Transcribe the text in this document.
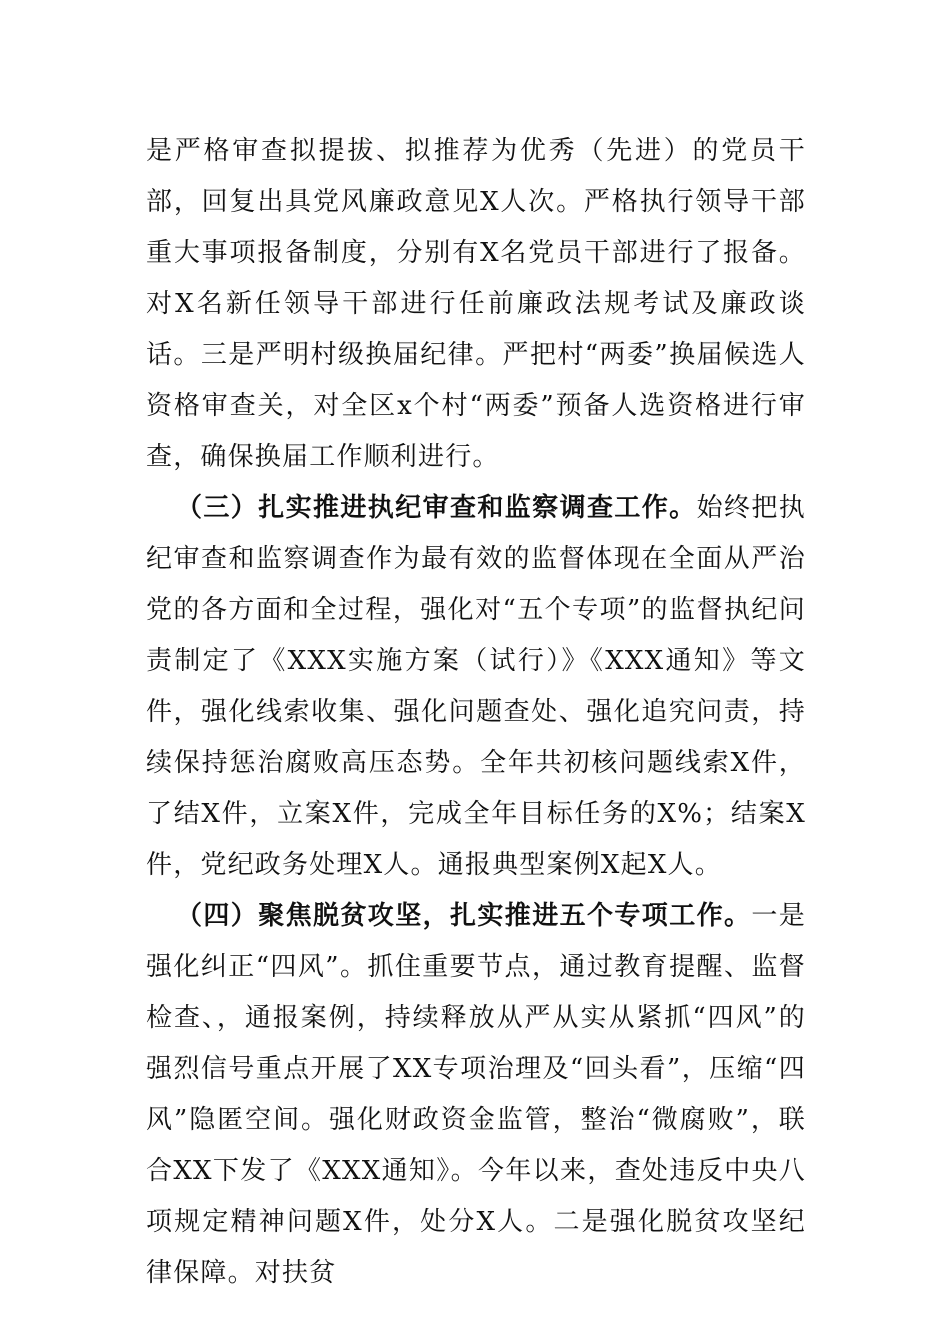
是严格审查拟提拔、拟推荐为优秀（先进）的党员干部，回复出具党风廉政意见X人次。严格执行领导干部重大事项报备制度，分别有X名党员干部进行了报备。对X名新任领导干部进行任前廉政法规考试及廉政谈话。三是严明村级换届纪律。严把村“两委”换届候选人资格审查关，对全区x个村“两委”预备人选资格进行审查，确保换届工作顺利进行。

（三）扎实推进执纪审查和监察调查工作。始终把执纪审查和监察调查作为最有效的监督体现在全面从严治党的各方面和全过程，强化对“五个专项”的监督执纪问责制定了《XXX实施方案（试行）》《XXX通知》等文件，强化线索收集、强化问题查处、强化追究问责，持续保持惩治腐败高压态势。全年共初核问题线索X件，了结X件，立案X件，完成全年目标任务的X%；结案X件，党纪政务处理X人。通报典型案例X起X人。

（四）聚焦脱贫攻坚，扎实推进五个专项工作。一是强化纠正“四风”。抓住重要节点，通过教育提醒、监督检查、，通报案例，持续释放从严从实从紧抓“四风”的强烈信号重点开展了XX专项治理及“回头看”，压缩“四风”隐匿空间。强化财政资金监管，整治“微腐败”，联合XX下发了《XXX通知》。今年以来，查处违反中央八项规定精神问题X件，处分X人。二是强化脱贫攻坚纪律保障。对扶贫
